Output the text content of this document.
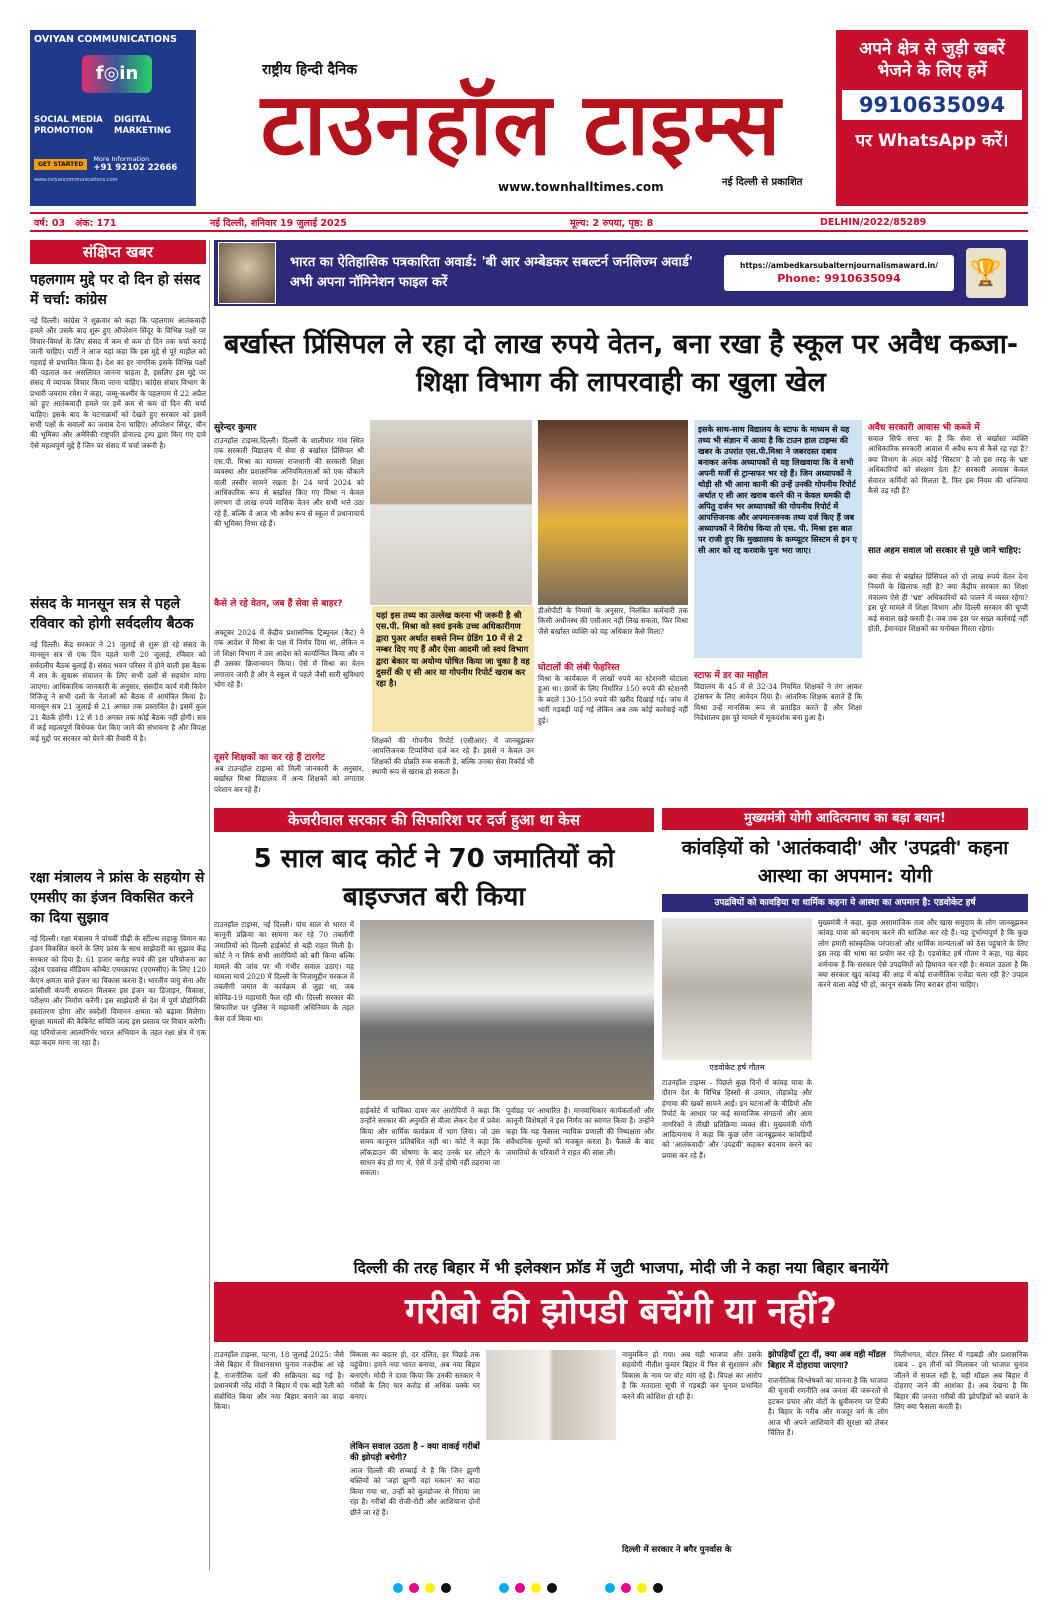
OVIYAN COMMUNICATIONS
f◎in
SOCIAL MEDIA PROMOTION
DIGITAL MARKETING
GET STARTED
More Information
+91 92102 22666
www.oviyancommunications.com
राष्ट्रीय हिन्दी दैनिक
टाउनहॉल टाइम्स
www.townhalltimes.com	नई दिल्ली से प्रकाशित
अपने क्षेत्र से जुड़ी खबरें भेजने के लिए हमें
9910635094
पर WhatsApp करें।
वर्ष: 03   अंक: 171	नई दिल्ली, शनिवार 19 जुलाई 2025	मूल्य: 2 रुपया, पृष्ठ: 8	DELHIN/2022/85289
संक्षिप्त खबर
पहलगाम मुद्दे पर दो दिन हो संसद में चर्चा: कांग्रेस
नई दिल्ली। कांग्रेस ने शुक्रवार को कहा कि पहलगाम आतंकवादी हमले और उसके बाद शुरू हुए ऑपरेशन सिंदूर के विभिन्न पक्षों पर विचार-विमर्श के लिए संसद में कम से कम दो दिन तक चर्चा कराई जानी चाहिए। पार्टी ने आज यहां कहा कि इस मुद्दे से पूरे माहौल को गहराई से प्रभावित किया है। देश का हर नागरिक इसके विभिन्न पक्षों की पड़ताल कर असलियत जानना चाहता है, इसलिए इस मुद्दे पर संसद में व्यापक विचार किया जाना चाहिए। कांग्रेस संचार विभाग के प्रभारी जयराम रमेश ने कहा, जम्मू-कश्मीर के पहलगाम में 22 अप्रैल को हुए आतंकवादी हमले पर हमें कम से कम दो दिन की चर्चा चाहिए। इसके बाद के घटनाक्रमों को देखते हुए सरकार को इसमें सभी पक्षों के सवालों का जवाब देना चाहिए। ऑपरेशन सिंदूर, चीन की भूमिका और अमेरिकी राष्ट्रपति डोनाल्ड ट्रम्प द्वारा किए गए दावे ऐसे महत्वपूर्ण मुद्दे हैं जिन पर संसद में चर्चा जरूरी है।
संसद के मानसून सत्र से पहले रविवार को होगी सर्वदलीय बैठक
नई दिल्ली। केंद्र सरकार ने 21 जुलाई से शुरू हो रहे संसद के मानसून सत्र से एक दिन पहले यानी 20 जुलाई, रविवार को सर्वदलीय बैठक बुलाई है। संसद भवन परिसर में होने वाली इस बैठक में सत्र के सुचारू संचालन के लिए सभी दलों से सहयोग मांगा जाएगा। आधिकारिक जानकारी के अनुसार, संसदीय कार्य मंत्री किरेन रिजिजू ने सभी दलों के नेताओं को बैठक में आमंत्रित किया है। मानसून सत्र 21 जुलाई से 21 अगस्त तक प्रस्तावित है। इसमें कुल 21 बैठकें होंगी। 12 से 18 अगस्त तक कोई बैठक नहीं होगी। सत्र में कई महत्वपूर्ण विधेयक पेश किए जाने की संभावना है और विपक्ष कई मुद्दों पर सरकार को घेरने की तैयारी में है।
रक्षा मंत्रालय ने फ्रांस के सहयोग से एमसीए का इंजन विकसित करने का दिया सुझाव
नई दिल्ली। रक्षा मंत्रालय ने पांचवीं पीढ़ी के स्टील्थ लड़ाकू विमान का इंजन विकसित करने के लिए फ्रांस के साथ साझेदारी का सुझाव केंद्र सरकार को दिया है। 61 हजार करोड़ रुपये की इस परियोजना का उद्देश्य एडवांस्ड मीडियम कॉम्बैट एयरक्राफ्ट (एएमसीए) के लिए 120 केएन क्षमता वाले इंजन का विकास करना है। भारतीय वायु सेना और फ्रांसीसी कंपनी सफरान मिलकर इस इंजन का डिजाइन, विकास, परीक्षण और निर्माण करेंगी। इस साझेदारी से देश में पूर्ण प्रौद्योगिकी हस्तांतरण होगा और स्वदेशी विमानन क्षमता को बढ़ावा मिलेगा। सुरक्षा मामलों की कैबिनेट समिति जल्द इस प्रस्ताव पर विचार करेगी। यह परियोजना आत्मनिर्भर भारत अभियान के तहत रक्षा क्षेत्र में एक बड़ा कदम माना जा रहा है।
भारत का ऐतिहासिक पत्रकारिता अवार्ड: 'बी आर अम्बेडकर सबल्टर्न जर्नलिज्म अवार्ड' अभी अपना नॉमिनेशन फाइल करें
https://ambedkarsubalternjournalismaward.in/
Phone: 9910635094	🏆
बर्खास्त प्रिंसिपल ले रहा दो लाख रुपये वेतन, बना रखा है स्कूल पर अवैध कब्जा-शिक्षा विभाग की लापरवाही का खुला खेल
सुरेन्दर कुमार
टाउनहॉल टाइम्स,दिल्ली। दिल्ली के शालीमार गांव स्थित एक सरकारी विद्यालय में सेवा से बर्खास्त प्रिंसिपल श्री एस.पी. मिश्रा का मामला राजधानी की सरकारी शिक्षा व्यवस्था और प्रशासनिक अनियमितताओं को एक चौंकाने वाली तस्वीर सामने रखता है। 24 मार्च 2024 को आधिकारिक रूप से बर्खास्त किए गए मिश्रा न केवल लगभग दो लाख रुपये मासिक वेतन और सभी भत्ते उठा रहे हैं, बल्कि वे आज भी अवैध रूप से स्कूल में प्रधानाचार्य की भूमिका निभा रहे हैं।
कैसे ले रहे वेतन, जब हैं सेवा से बाहर?
अक्टूबर 2024 में केंद्रीय प्रशासनिक ट्रिब्यूनल (कैट) ने एक आदेश में मिश्रा के पक्ष में निर्णय दिया था, लेकिन न तो शिक्षा विभाग ने उस आदेश को कार्यान्वित किया और न ही उसका क्रियान्वयन किया। ऐसे में मिश्रा का वेतन लगातार जारी है और वे स्कूल में पहले जैसी सारी सुविधाएं भोग रहे हैं।
दूसरे शिक्षकों का कर रहे हैं टारगेट
अब टाउनहॉल टाइम्स को मिली जानकारी के अनुसार, बर्खास्त मिश्रा विद्यालय में अन्य शिक्षकों को लगातार परेशान कर रहे हैं।
यहां इस तथ्य का उल्लेख करना भी जरूरी है श्री एस.पी. मिश्रा को स्वयं इनके उच्च अधिकारीगण द्वारा पुअर अर्थात सबसे निम्न ग्रेडिंग 10 में से 2 नम्बर दिए गए हैं और ऐसा आदमी जो स्वयं विभाग द्वारा बेकार या अयोग्य घोषित किया जा चुका है वह दुसरों की ए सी आर या गोपनीय रिपोर्ट खराब कर रहा है।
शिक्षकों की गोपनीय रिपोर्ट (एसीआर) में जानबूझकर आपत्तिजनक टिप्पणियां दर्ज कर रहे हैं। इससे न केवल उन शिक्षकों की प्रोन्नति रुक सकती है, बल्कि उनका सेवा रिकॉर्ड भी स्थायी रूप से खराब हो सकता है।
डीओपीटी के नियमों के अनुसार, निलंबित कर्मचारी तक किसी अधीनस्थ की एसीआर नहीं लिख सकता, फिर मिश्रा जैसे बर्खास्त व्यक्ति को यह अधिकार कैसे मिला?
घोटालों की लंबी फेहरिस्त
मिश्रा के कार्यकाल में लाखों रुपये का स्टेशनरी घोटाला हुआ था। छात्रों के लिए निर्धारित 150 रुपये की स्टेशनरी के बदले 130-150 रुपये की खरीद दिखाई गई। जांच में भारी गड़बड़ी पाई गई लेकिन अब तक कोई कार्रवाई नहीं हुई।
इसके साथ-साथ विद्यालय के स्टाफ के माध्यम से यह तथ्य भी संज्ञान में आया है कि टाउन हाल टाइम्स की खबर के उपरांत एस.पी.मिश्रा ने जबरदस्त दबाव बनाकर अनेक अध्यापकों से यह लिखवाया कि वे सभी अपनी मर्जी से ट्रान्सफर भर रहे हैं। जिन अध्यापकों ने थोड़ी सी भी आना कानी की उन्हें उनकी गोपनीय रिपोर्ट अर्थात ए सी आर खराब करने की न केवल धमकी दी अपितु दर्जन भर अध्यापकों की गोपनीय रिपोर्ट में आपत्तिजनक और अपमानजनक तथ्य दर्ज किए हैं जब अध्यापकों ने विरोध किया तो एस. पी. मिश्रा इस बात पर राजी हुए कि मुख्यालय के कम्प्यूटर सिस्टम से इन ए सी आर को रद्द करवाके पुनः भरा जाए।
स्टाफ में डर का माहौल
विद्यालय के 45 में से 32-34 नियमित शिक्षकों ने तंग आकर ट्रांसफर के लिए आवेदन दिया है। आंतरिक शिक्षक बताते हैं कि मिश्रा उन्हें मानसिक रूप से प्रताड़ित करते हैं और शिक्षा निदेशालय इस पूरे मामले में मूकदर्शक बना हुआ है।
अवैध सरकारी आवास भी कब्जे में
सवाल सिर्फ सत्ता का है कि सेवा से बर्खास्त व्यक्ति आधिकारिक सरकारी आवास में अवैध रूप से कैसे रह रहा है? क्या विभाग के अंदर कोई 'सिस्टम' है जो इस तरह के भ्रष्ट अधिकारियों को संरक्षण देता है? सरकारी आवास केवल सेवारत कर्मियों को मिलता है, फिर इस नियम की धज्जियां कैसे उड़ रही हैं?
सात अहम सवाल जो सरकार से पूछे जाने चाहिए:
क्या सेवा से बर्खास्त प्रिंसिपल को दो लाख रुपये वेतन देना नियमों के खिलाफ नहीं है? क्या केंद्रीय सरकार का शिक्षा मंत्रालय ऐसे ही 'भ्रष्ट' अधिकारियों को पालने में व्यस्त रहेगा? इस पूरे मामले में शिक्षा विभाग और दिल्ली सरकार की चुप्पी कई सवाल खड़े करती है। जब तक इस पर सख्त कार्रवाई नहीं होती, ईमानदार शिक्षकों का मनोबल गिरता रहेगा।
केजरीवाल सरकार की सिफारिश पर दर्ज हुआ था केस
5 साल बाद कोर्ट ने 70 जमातियों को बाइज्जत बरी किया
टाउनहॉल टाइम्स, नई दिल्ली। पांच साल से भारत में कानूनी प्रक्रिया का सामना कर रहे 70 तबलीगी जमातियों को दिल्ली हाईकोर्ट से बड़ी राहत मिली है। कोर्ट ने न सिर्फ सभी आरोपियों को बरी किया बल्कि मामले की जांच पर भी गंभीर सवाल उठाए। यह मामला मार्च 2020 में दिल्ली के निजामुद्दीन मरकज में तबलीगी जमात के कार्यक्रम से जुड़ा था, जब कोविड-19 महामारी फैल रही थी। दिल्ली सरकार की सिफारिश पर पुलिस ने महामारी अधिनियम के तहत केस दर्ज किया था।
हाईकोर्ट में याचिका दायर कर आरोपियों ने कहा कि उन्होंने सरकार की अनुमति से वीजा लेकर देश में प्रवेश किया और धार्मिक कार्यक्रम में भाग लिया। जो उस समय कानूनन प्रतिबंधित नहीं था। कोर्ट ने कहा कि लॉकडाउन की घोषणा के बाद उनके घर लौटने के साधन बंद हो गए थे, ऐसे में उन्हें दोषी नहीं ठहराया जा सकता।
पूर्वाग्रह पर आधारित है। मानवाधिकार कार्यकर्ताओं और कानूनी विशेषज्ञों ने इस निर्णय का स्वागत किया है। उन्होंने कहा कि यह फैसला न्यायिक प्रणाली की निष्पक्षता और संवैधानिक मूल्यों को मजबूत करता है। फैसले के बाद जमातियों के परिवारों ने राहत की सांस ली।
मुख्यमंत्री योगी आदित्यनाथ का बड़ा बयान!
कांवड़ियों को 'आतंकवादी' और 'उपद्रवी' कहना आस्था का अपमान: योगी
उपद्रवियों को कावड़िया या धार्मिक कहना ये आस्था का अपमान है: एडवोकेट हर्ष
एडवोकेट हर्ष गौतम
टाउनहॉल टाइम्स – पिछले कुछ दिनों में कांवड़ यात्रा के दौरान देश के विभिन्न हिस्सों से उत्पात, तोड़फोड़ और हंगामा की खबरें सामने आईं। इन घटनाओं के वीडियो और रिपोर्ट के आधार पर कई सामाजिक संगठनों और आम नागरिकों ने तीखी प्रतिक्रिया व्यक्त की। मुख्यमंत्री योगी आदित्यनाथ ने कहा कि कुछ लोग जानबूझकर कांवड़ियों को 'आतंकवादी' और 'उपद्रवी' कहकर बदनाम करने का प्रयास कर रहे हैं।
मुख्यमंत्री ने कहा, कुछ असामाजिक तत्व और खास समुदाय के लोग जानबूझकर कांवड़ यात्रा को बदनाम करने की साजिश कर रहे हैं। यह दुर्भाग्यपूर्ण है कि कुछ लोग हमारी सांस्कृतिक परंपराओं और धार्मिक मान्यताओं को ठेस पहुंचाने के लिए इस तरह की भाषा का प्रयोग कर रहे हैं। एडवोकेट हर्ष गौतम ने कहा, यह बेहद शर्मनाक है कि सरकार ऐसे उपद्रवियों को हिमायत कर रही है। सवाल उठता है कि क्या सरकार खुद कांवड़ की आड़ में कोई राजनीतिक एजेंडा चला रही है? उपद्रव करने वाला कोई भी हो, कानून सबके लिए बराबर होना चाहिए।
दिल्ली की तरह बिहार में भी इलेक्शन फ्रॉड में जुटी भाजपा, मोदी जी ने कहा नया बिहार बनायेंगे
गरीबो की झोपडी बचेंगी या नहीं?
टाउनहॉल टाइम्स, पटना, 18 जुलाई 2025: जैसे जैसे बिहार में विधानसभा चुनाव नजदीक आ रहे हैं, राजनीतिक दलों की सक्रियता बढ़ गई है। प्रधानमंत्री नरेंद्र मोदी ने बिहार में एक बड़ी रैली को संबोधित किया और नया बिहार बनाने का वादा किया।
विकास का बदतर हो, दर दलित, हर पिछड़े तक पहुंचेगा। हमने नया भारत बनाया, अब नया बिहार बनाएंगे। मोदी ने दावा किया कि उनकी सरकार ने गरीबों के लिए चार करोड़ से अधिक पक्के घर बनाए।
लेकिन सवाल उठता है - क्या वाकई गरीबों की झोपड़ी बचेगी?
आज दिल्ली की सच्चाई ये है कि जिन झुग्गी बस्तियों को 'जहां झुग्गी वहां मकान' का वादा किया गया था, उन्हीं को बुलडोजर से गिराया जा रहा है। गरीबों की रोजी-रोटी और आशियाना दोनों छीने जा रहे हैं।
नामुमकिन हो गया। अब यही भाजपा और उसके सहयोगी नीतीश कुमार बिहार में फिर से सुशासन और विकास के नाम पर वोट मांग रहे हैं। विपक्ष का आरोप है कि मतदाता सूची में गड़बड़ी कर चुनाव प्रभावित करने की कोशिश हो रही है।
दिल्ली में सरकार ने बगैर पुनर्वास के
झोपड़ियाँ टूटा दीं, क्या अब वही मॉडल बिहार में दोहराया जाएगा?
राजनीतिक विश्लेषकों का मानना है कि भाजपा की चुनावी रणनीति अब जनता की जरूरतों से हटकर प्रचार और वोटों के ध्रुवीकरण पर टिकी है। बिहार के गरीब और मजदूर वर्ग के लोग आज भी अपने आशियाने की सुरक्षा को लेकर चिंतित हैं।
मिलीभगत, वोटर लिस्ट में गड़बड़ी और प्रशासनिक दबाव – इन तीनों को मिलाकर जो भाजपा चुनाव जीतने में सफल रही है, वही मॉडल अब बिहार में दोहराए जाने की आशंका है। अब देखना है कि बिहार की जनता गरीबों की झोपड़ियों को बचाने के लिए क्या फैसला करती है।
